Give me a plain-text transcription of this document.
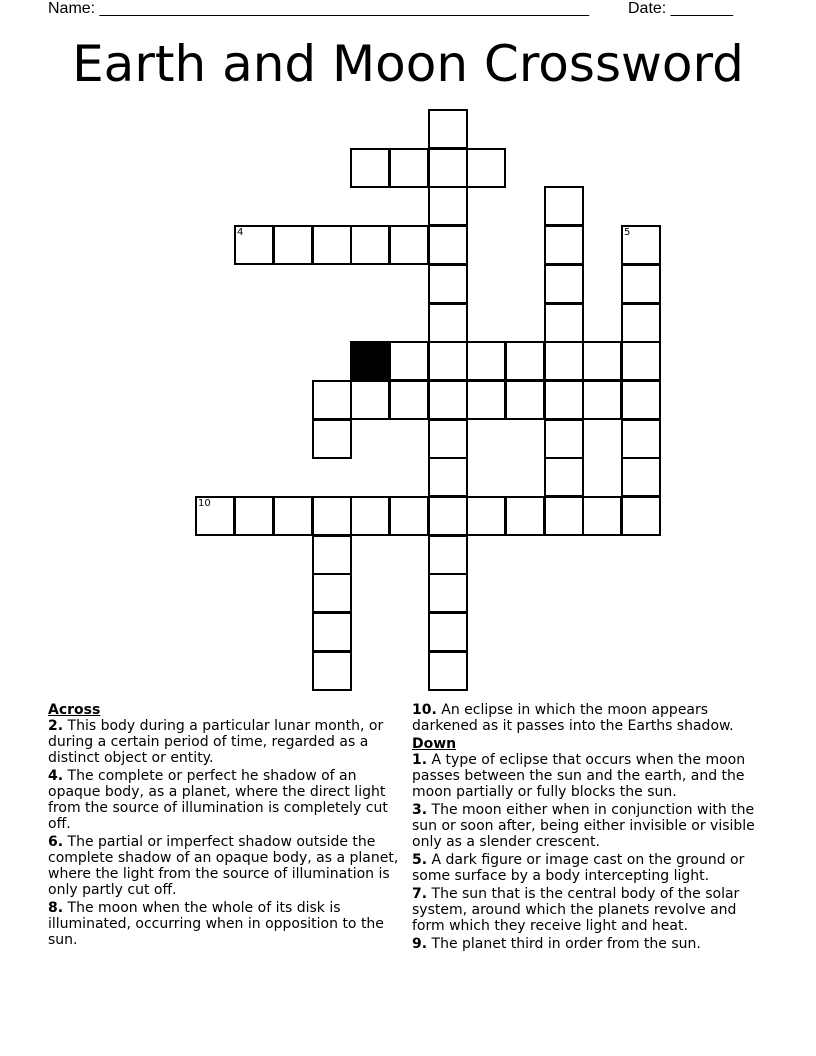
Name: _______________________________________________________ Date: _______
Earth and Moon Crossword
4	5
10
Across
2. This body during a particular lunar month, or during a certain period of time, regarded as a distinct object or entity.
4. The complete or perfect he shadow of an opaque body, as a planet, where the direct light from the source of illumination is completely cut off.
6. The partial or imperfect shadow outside the complete shadow of an opaque body, as a planet, where the light from the source of illumination is only partly cut off.
8. The moon when the whole of its disk is illuminated, occurring when in opposition to the sun.
10. An eclipse in which the moon appears darkened as it passes into the Earths shadow.
Down
1. A type of eclipse that occurs when the moon passes between the sun and the earth, and the moon partially or fully blocks the sun.
3. The moon either when in conjunction with the sun or soon after, being either invisible or visible only as a slender crescent.
5. A dark figure or image cast on the ground or some surface by a body intercepting light.
7. The sun that is the central body of the solar system, around which the planets revolve and form which they receive light and heat.
9. The planet third in order from the sun.
